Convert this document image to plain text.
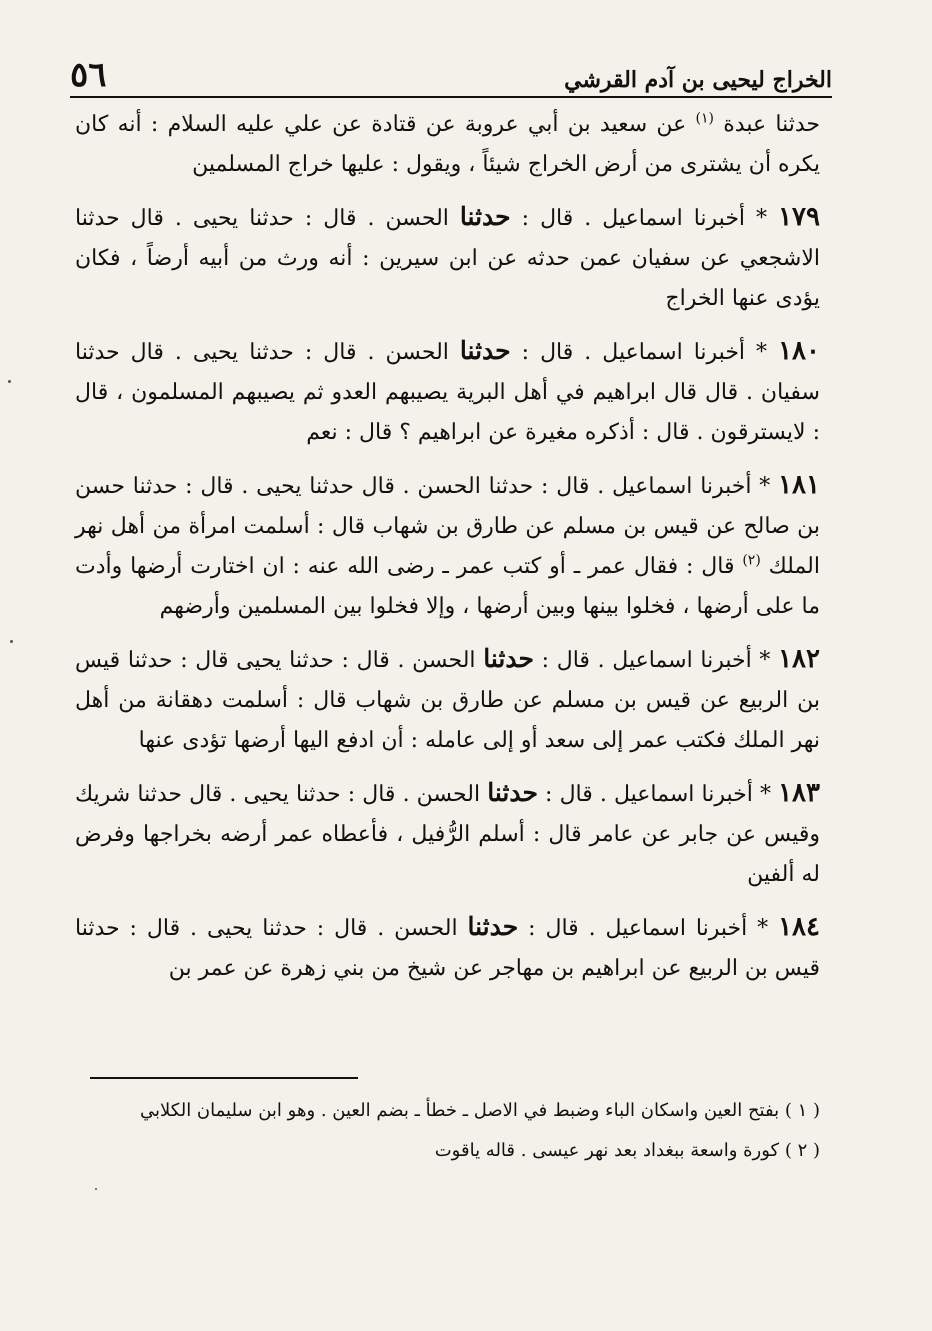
الخراج ليحيى بن آدم القرشي
٥٦

حدثنا عبدة $^{(١)}$ عن سعيد بن أبي عروبة عن قتادة عن علي عليه السلام : أنه كان يكره أن يشترى من أرض الخراج شيئاً ، ويقول : عليها خراج المسلمين

١٧٩ * أخبرنا اسماعيل . قال : حدثنا الحسن . قال : حدثنا يحيى . قال حدثنا الاشجعي عن سفيان عمن حدثه عن ابن سيرين : أنه ورث من أبيه أرضاً ، فكان يؤدى عنها الخراج

١٨٠ * أخبرنا اسماعيل . قال : حدثنا الحسن . قال : حدثنا يحيى . قال حدثنا سفيان . قال قال ابراهيم في أهل البرية يصيبهم العدو ثم يصيبهم المسلمون ، قال : لايسترقون . قال : أذكره مغيرة عن ابراهيم ؟ قال : نعم

١٨١ * أخبرنا اسماعيل . قال : حدثنا الحسن . قال حدثنا يحيى . قال : حدثنا حسن بن صالح عن قيس بن مسلم عن طارق بن شهاب قال : أسلمت امرأة من أهل نهر الملك $^{(٢)}$ قال : فقال عمر ـ أو كتب عمر ـ رضى الله عنه : ان اختارت أرضها وأدت ما على أرضها ، فخلوا بينها وبين أرضها ، وإلا فخلوا بين المسلمين وأرضهم

١٨٢ * أخبرنا اسماعيل . قال : حدثنا الحسن . قال : حدثنا يحيى قال : حدثنا قيس بن الربيع عن قيس بن مسلم عن طارق بن شهاب قال : أسلمت دهقانة من أهل نهر الملك فكتب عمر إلى سعد أو إلى عامله : أن ادفع اليها أرضها تؤدى عنها

١٨٣ * أخبرنا اسماعيل . قال : حدثنا الحسن . قال : حدثنا يحيى . قال حدثنا شريك وقيس عن جابر عن عامر قال : أسلم الرُّفيل ، فأعطاه عمر أرضه بخراجها وفرض له ألفين

١٨٤ * أخبرنا اسماعيل . قال : حدثنا الحسن . قال : حدثنا يحيى . قال : حدثنا قيس بن الربيع عن ابراهيم بن مهاجر عن شيخ من بني زهرة عن عمر بن

( ١ ) بفتح العين واسكان الباء وضبط في الاصل ـ خطأ ـ بضم العين . وهو ابن سليمان الكلابي

( ٢ ) كورة واسعة ببغداد بعد نهر عيسى . قاله ياقوت
